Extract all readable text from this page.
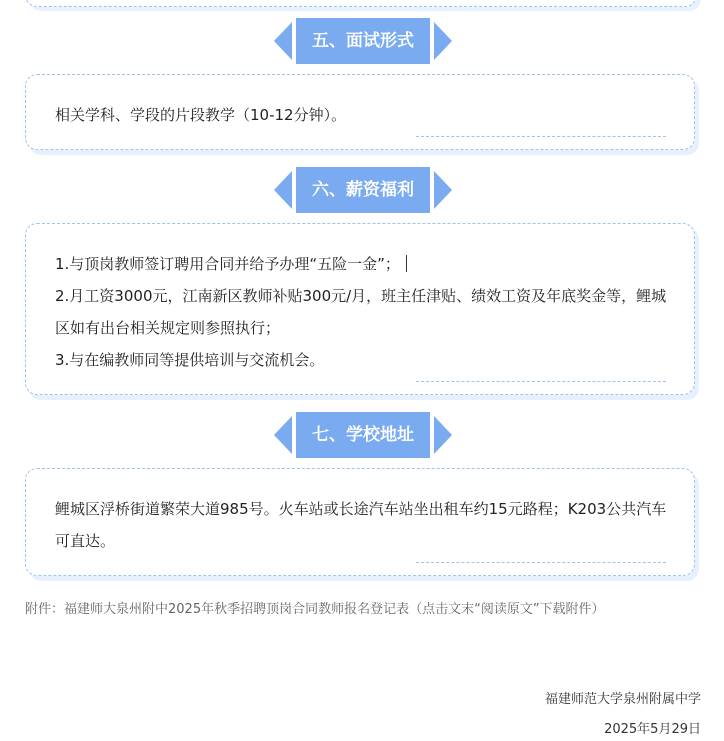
五、面试形式

相关学科、学段的片段教学（10-12分钟）。

六、薪资福利

1.与顶岗教师签订聘用合同并给予办理“五险一金”；

2.月工资3000元，江南新区教师补贴300元/月，班主任津贴、绩效工资及年底奖金等，鲤城区如有出台相关规定则参照执行；

3.与在编教师同等提供培训与交流机会。

七、学校地址

鲤城区浮桥街道繁荣大道985号。火车站或长途汽车站坐出租车约15元路程；K203公共汽车可直达。

附件：福建师大泉州附中2025年秋季招聘顶岗合同教师报名登记表（点击文末“阅读原文”下载附件）
福建师范大学泉州附属中学
2025年5月29日
